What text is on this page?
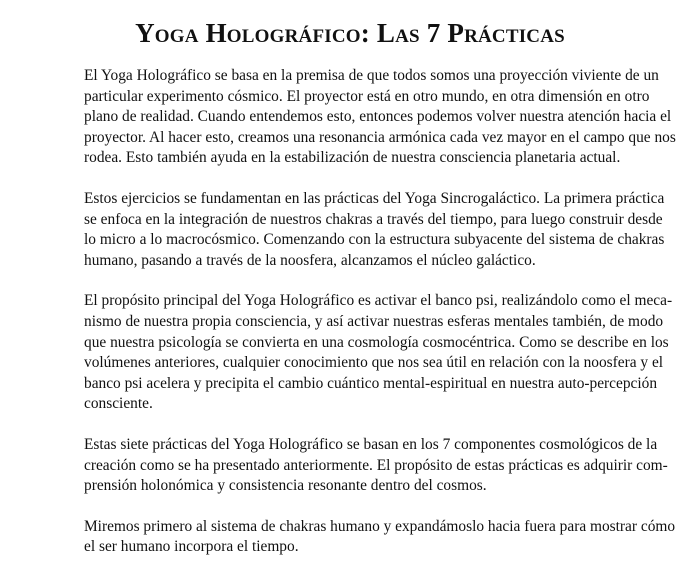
Yoga Holográfico: Las 7 Prácticas

El Yoga Holográfico se basa en la premisa de que todos somos una proyección viviente de un
particular experimento cósmico. El proyector está en otro mundo, en otra dimensión en otro
plano de realidad. Cuando entendemos esto, entonces podemos volver nuestra atención hacia el
proyector. Al hacer esto, creamos una resonancia armónica cada vez mayor en el campo que nos
rodea. Esto también ayuda en la estabilización de nuestra consciencia planetaria actual.

Estos ejercicios se fundamentan en las prácticas del Yoga Sincrogaláctico. La primera práctica
se enfoca en la integración de nuestros chakras a través del tiempo, para luego construir desde
lo micro a lo macrocósmico. Comenzando con la estructura subyacente del sistema de chakras
humano, pasando a través de la noosfera, alcanzamos el núcleo galáctico.

El propósito principal del Yoga Holográfico es activar el banco psi, realizándolo como el meca-
nismo de nuestra propia consciencia, y así activar nuestras esferas mentales también, de modo
que nuestra psicología se convierta en una cosmología cosmocéntrica. Como se describe en los
volúmenes anteriores, cualquier conocimiento que nos sea útil en relación con la noosfera y el
banco psi acelera y precipita el cambio cuántico mental-espiritual en nuestra auto-percepción
consciente.

Estas siete prácticas del Yoga Holográfico se basan en los 7 componentes cosmológicos de la
creación como se ha presentado anteriormente. El propósito de estas prácticas es adquirir com-
prensión holonómica y consistencia resonante dentro del cosmos.

Miremos primero al sistema de chakras humano y expandámoslo hacia fuera para mostrar cómo
el ser humano incorpora el tiempo.
